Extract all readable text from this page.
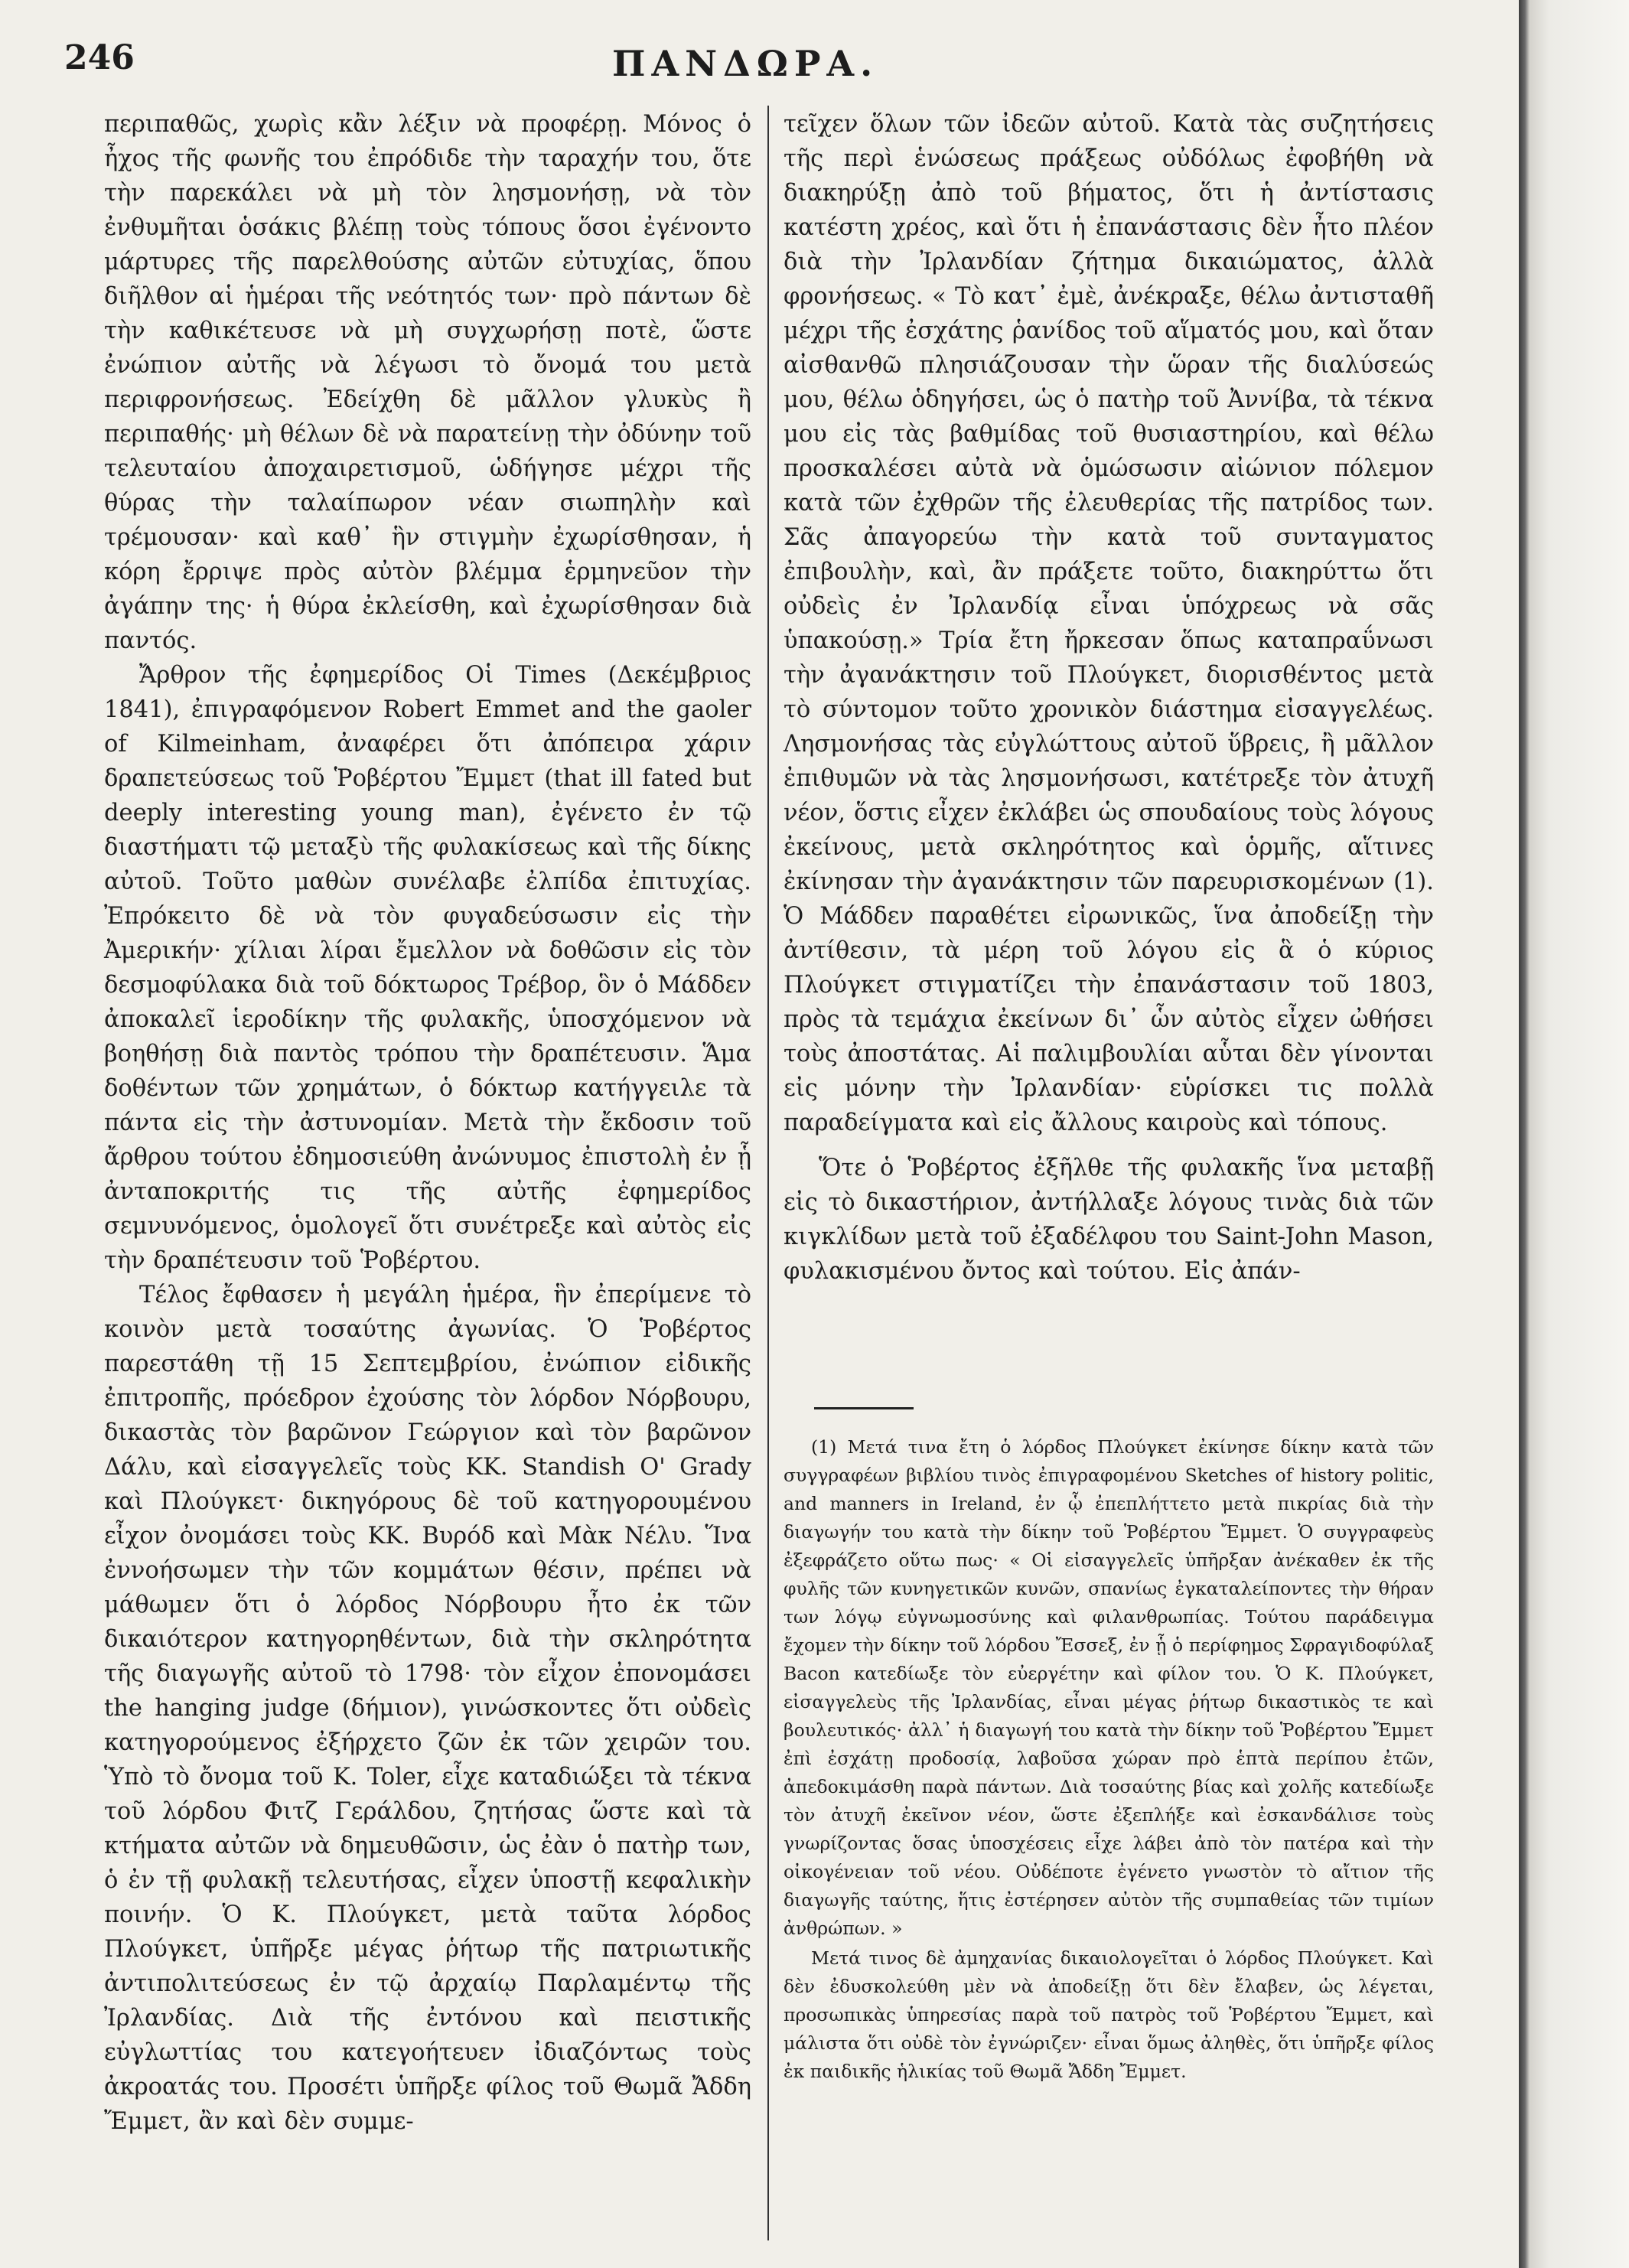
246	ΠΑΝΔΩΡΑ.

περιπαθῶς, χωρὶς κἂν λέξιν νὰ προφέρῃ. Μόνος ὁ ἦχος τῆς φωνῆς του ἐπρόδιδε τὴν ταραχήν του, ὅτε τὴν παρεκάλει νὰ μὴ τὸν λησμονήσῃ, νὰ τὸν ἐνθυμῆται ὁσάκις βλέπῃ τοὺς τόπους ὅσοι ἐγένοντο μάρτυρες τῆς παρελθούσης αὐτῶν εὐτυχίας, ὅπου διῆλθον αἱ ἡμέραι τῆς νεότητός των· πρὸ πάντων δὲ τὴν καθικέτευσε νὰ μὴ συγχωρήσῃ ποτὲ, ὥστε ἐνώπιον αὐτῆς νὰ λέγωσι τὸ ὄνομά του μετὰ περιφρονήσεως. Ἐδείχθη δὲ μᾶλλον γλυκὺς ἢ περιπαθής· μὴ θέλων δὲ νὰ παρατείνῃ τὴν ὀδύνην τοῦ τελευταίου ἀποχαιρετισμοῦ, ὡδήγησε μέχρι τῆς θύρας τὴν ταλαίπωρον νέαν σιωπηλὴν καὶ τρέμουσαν· καὶ καθ᾽ ἣν στιγμὴν ἐχωρίσθησαν, ἡ κόρη ἔρριψε πρὸς αὐτὸν βλέμμα ἑρμηνεῦον τὴν ἀγάπην της· ἡ θύρα ἐκλείσθη, καὶ ἐχωρίσθησαν διὰ παντός.

Ἄρθρον τῆς ἐφημερίδος Οἱ Times (Δεκέμβριος 1841), ἐπιγραφόμενον Robert Emmet and the gaoler of Kilmeinham, ἀναφέρει ὅτι ἀπόπειρα χάριν δραπετεύσεως τοῦ Ῥοβέρτου Ἔμμετ (that ill fated but deeply interesting young man), ἐγένετο ἐν τῷ διαστήματι τῷ μεταξὺ τῆς φυλακίσεως καὶ τῆς δίκης αὐτοῦ. Τοῦτο μαθὼν συνέλαβε ἐλπίδα ἐπιτυχίας. Ἐπρόκειτο δὲ νὰ τὸν φυγαδεύσωσιν εἰς τὴν Ἀμερικήν· χίλιαι λίραι ἔμελλον νὰ δοθῶσιν εἰς τὸν δεσμοφύλακα διὰ τοῦ δόκτωρος Τρέβορ, ὃν ὁ Μάδδεν ἀποκαλεῖ ἱεροδίκην τῆς φυλακῆς, ὑποσχόμενον νὰ βοηθήσῃ διὰ παντὸς τρόπου τὴν δραπέτευσιν. Ἅμα δοθέντων τῶν χρημάτων, ὁ δόκτωρ κατήγγειλε τὰ πάντα εἰς τὴν ἀστυνομίαν. Μετὰ τὴν ἔκδοσιν τοῦ ἄρθρου τούτου ἐδημοσιεύθη ἀνώνυμος ἐπιστολὴ ἐν ᾗ ἀνταποκριτής τις τῆς αὐτῆς ἐφημερίδος σεμνυνόμενος, ὁμολογεῖ ὅτι συνέτρεξε καὶ αὐτὸς εἰς τὴν δραπέτευσιν τοῦ Ῥοβέρτου.

Τέλος ἔφθασεν ἡ μεγάλη ἡμέρα, ἣν ἐπερίμενε τὸ κοινὸν μετὰ τοσαύτης ἀγωνίας. Ὁ Ῥοβέρτος παρεστάθη τῇ 15 Σεπτεμβρίου, ἐνώπιον εἰδικῆς ἐπιτροπῆς, πρόεδρον ἐχούσης τὸν λόρδον Νόρβουρυ, δικαστὰς τὸν βαρῶνον Γεώργιον καὶ τὸν βαρῶνον Δάλυ, καὶ εἰσαγγελεῖς τοὺς ΚΚ. Standish O' Grady καὶ Πλούγκετ· δικηγόρους δὲ τοῦ κατηγορουμένου εἶχον ὀνομάσει τοὺς ΚΚ. Βυρόδ καὶ Μὰκ Νέλυ. Ἵνα ἐννοήσωμεν τὴν τῶν κομμάτων θέσιν, πρέπει νὰ μάθωμεν ὅτι ὁ λόρδος Νόρβουρυ ἦτο ἐκ τῶν δικαιότερον κατηγορηθέντων, διὰ τὴν σκληρότητα τῆς διαγωγῆς αὐτοῦ τὸ 1798· τὸν εἶχον ἐπονομάσει the hanging judge (δήμιον), γινώσκοντες ὅτι οὐδεὶς κατηγορούμενος ἐξήρχετο ζῶν ἐκ τῶν χειρῶν του. Ὑπὸ τὸ ὄνομα τοῦ Κ. Toler, εἶχε καταδιώξει τὰ τέκνα τοῦ λόρδου Φιτζ Γεράλδου, ζητήσας ὥστε καὶ τὰ κτήματα αὐτῶν νὰ δημευθῶσιν, ὡς ἐὰν ὁ πατὴρ των, ὁ ἐν τῇ φυλακῇ τελευτήσας, εἶχεν ὑποστῇ κεφαλικὴν ποινήν. Ὁ Κ. Πλούγκετ, μετὰ ταῦτα λόρδος Πλούγκετ, ὑπῆρξε μέγας ῥήτωρ τῆς πατριωτικῆς ἀντιπολιτεύσεως ἐν τῷ ἀρχαίῳ Παρλαμέντῳ τῆς Ἰρλανδίας. Διὰ τῆς ἐντόνου καὶ πειστικῆς εὐγλωττίας του κατεγοήτευεν ἰδιαζόντως τοὺς ἀκροατάς του. Προσέτι ὑπῆρξε φίλος τοῦ Θωμᾶ Ἄδδη Ἔμμετ, ἂν καὶ δὲν συμμε-

τεῖχεν ὅλων τῶν ἰδεῶν αὐτοῦ. Κατὰ τὰς συζητήσεις τῆς περὶ ἑνώσεως πράξεως οὐδόλως ἐφοβήθη νὰ διακηρύξῃ ἀπὸ τοῦ βήματος, ὅτι ἡ ἀντίστασις κατέστη χρέος, καὶ ὅτι ἡ ἐπανάστασις δὲν ἦτο πλέον διὰ τὴν Ἰρλανδίαν ζήτημα δικαιώματος, ἀλλὰ φρονήσεως. « Τὸ κατ᾽ ἐμὲ, ἀνέκραξε, θέλω ἀντισταθῆ μέχρι τῆς ἐσχάτης ῥανίδος τοῦ αἵματός μου, καὶ ὅταν αἰσθανθῶ πλησιάζουσαν τὴν ὥραν τῆς διαλύσεώς μου, θέλω ὁδηγήσει, ὡς ὁ πατὴρ τοῦ Ἀννίβα, τὰ τέκνα μου εἰς τὰς βαθμίδας τοῦ θυσιαστηρίου, καὶ θέλω προσκαλέσει αὐτὰ νὰ ὁμώσωσιν αἰώνιον πόλεμον κατὰ τῶν ἐχθρῶν τῆς ἐλευθερίας τῆς πατρίδος των. Σᾶς ἀπαγορεύω τὴν κατὰ τοῦ συνταγματος ἐπιβουλὴν, καὶ, ἂν πράξετε τοῦτο, διακηρύττω ὅτι οὐδεὶς ἐν Ἰρλανδίᾳ εἶναι ὑπόχρεως νὰ σᾶς ὑπακούσῃ.» Τρία ἔτη ἤρκεσαν ὅπως καταπραΰνωσι τὴν ἀγανάκτησιν τοῦ Πλούγκετ, διορισθέντος μετὰ τὸ σύντομον τοῦτο χρονικὸν διάστημα εἰσαγγελέως. Λησμονήσας τὰς εὐγλώττους αὐτοῦ ὕβρεις, ἢ μᾶλλον ἐπιθυμῶν νὰ τὰς λησμονήσωσι, κατέτρεξε τὸν ἀτυχῆ νέον, ὅστις εἶχεν ἐκλάβει ὡς σπουδαίους τοὺς λόγους ἐκείνους, μετὰ σκληρότητος καὶ ὁρμῆς, αἵτινες ἐκίνησαν τὴν ἀγανάκτησιν τῶν παρευρισκομένων (1). Ὁ Μάδδεν παραθέτει εἰρωνικῶς, ἵνα ἀποδείξῃ τὴν ἀντίθεσιν, τὰ μέρη τοῦ λόγου εἰς ἃ ὁ κύριος Πλούγκετ στιγματίζει τὴν ἐπανάστασιν τοῦ 1803, πρὸς τὰ τεμάχια ἐκείνων δι᾽ ὧν αὐτὸς εἶχεν ὠθήσει τοὺς ἀποστάτας. Αἱ παλιμβουλίαι αὗται δὲν γίνονται εἰς μόνην τὴν Ἰρλανδίαν· εὑρίσκει τις πολλὰ παραδείγματα καὶ εἰς ἄλλους καιροὺς καὶ τόπους.

Ὅτε ὁ Ῥοβέρτος ἐξῆλθε τῆς φυλακῆς ἵνα μεταβῇ εἰς τὸ δικαστήριον, ἀντήλλαξε λόγους τινὰς διὰ τῶν κιγκλίδων μετὰ τοῦ ἐξαδέλφου του Saint-John Mason, φυλακισμένου ὄντος καὶ τούτου. Εἰς ἀπάν-

(1) Μετά τινα ἔτη ὁ λόρδος Πλούγκετ ἐκίνησε δίκην κατὰ τῶν συγγραφέων βιβλίου τινὸς ἐπιγραφομένου Sketches of history politic, and manners in Ireland, ἐν ᾧ ἐπεπλήττετο μετὰ πικρίας διὰ τὴν διαγωγήν του κατὰ τὴν δίκην τοῦ Ῥοβέρτου Ἔμμετ. Ὁ συγγραφεὺς ἐξεφράζετο οὕτω πως· « Οἱ εἰσαγγελεῖς ὑπῆρξαν ἀνέκαθεν ἐκ τῆς φυλῆς τῶν κυνηγετικῶν κυνῶν, σπανίως ἐγκαταλείποντες τὴν θήραν των λόγῳ εὐγνωμοσύνης καὶ φιλανθρωπίας. Τούτου παράδειγμα ἔχομεν τὴν δίκην τοῦ λόρδου Ἔσσεξ, ἐν ᾗ ὁ περίφημος Σφραγιδοφύλαξ Bacon κατεδίωξε τὸν εὐεργέτην καὶ φίλον του. Ὁ Κ. Πλούγκετ, εἰσαγγελεὺς τῆς Ἰρλανδίας, εἶναι μέγας ῥήτωρ δικαστικὸς τε καὶ βουλευτικός· ἀλλ᾽ ἡ διαγωγή του κατὰ τὴν δίκην τοῦ Ῥοβέρτου Ἔμμετ ἐπὶ ἐσχάτῃ προδοσίᾳ, λαβοῦσα χώραν πρὸ ἑπτὰ περίπου ἐτῶν, ἀπεδοκιμάσθη παρὰ πάντων. Διὰ τοσαύτης βίας καὶ χολῆς κατεδίωξε τὸν ἀτυχῆ ἐκεῖνον νέον, ὥστε ἐξεπλήξε καὶ ἐσκανδάλισε τοὺς γνωρίζοντας ὅσας ὑποσχέσεις εἶχε λάβει ἀπὸ τὸν πατέρα καὶ τὴν οἰκογένειαν τοῦ νέου. Οὐδέποτε ἐγένετο γνωστὸν τὸ αἴτιον τῆς διαγωγῆς ταύτης, ἥτις ἐστέρησεν αὐτὸν τῆς συμπαθείας τῶν τιμίων ἀνθρώπων. »

Μετά τινος δὲ ἀμηχανίας δικαιολογεῖται ὁ λόρδος Πλούγκετ. Καὶ δὲν ἐδυσκολεύθη μὲν νὰ ἀποδείξῃ ὅτι δὲν ἔλαβεν, ὡς λέγεται, προσωπικὰς ὑπηρεσίας παρὰ τοῦ πατρὸς τοῦ Ῥοβέρτου Ἔμμετ, καὶ μάλιστα ὅτι οὐδὲ τὸν ἐγνώριζεν· εἶναι ὅμως ἀληθὲς, ὅτι ὑπῆρξε φίλος ἐκ παιδικῆς ἡλικίας τοῦ Θωμᾶ Ἄδδη Ἔμμετ.
